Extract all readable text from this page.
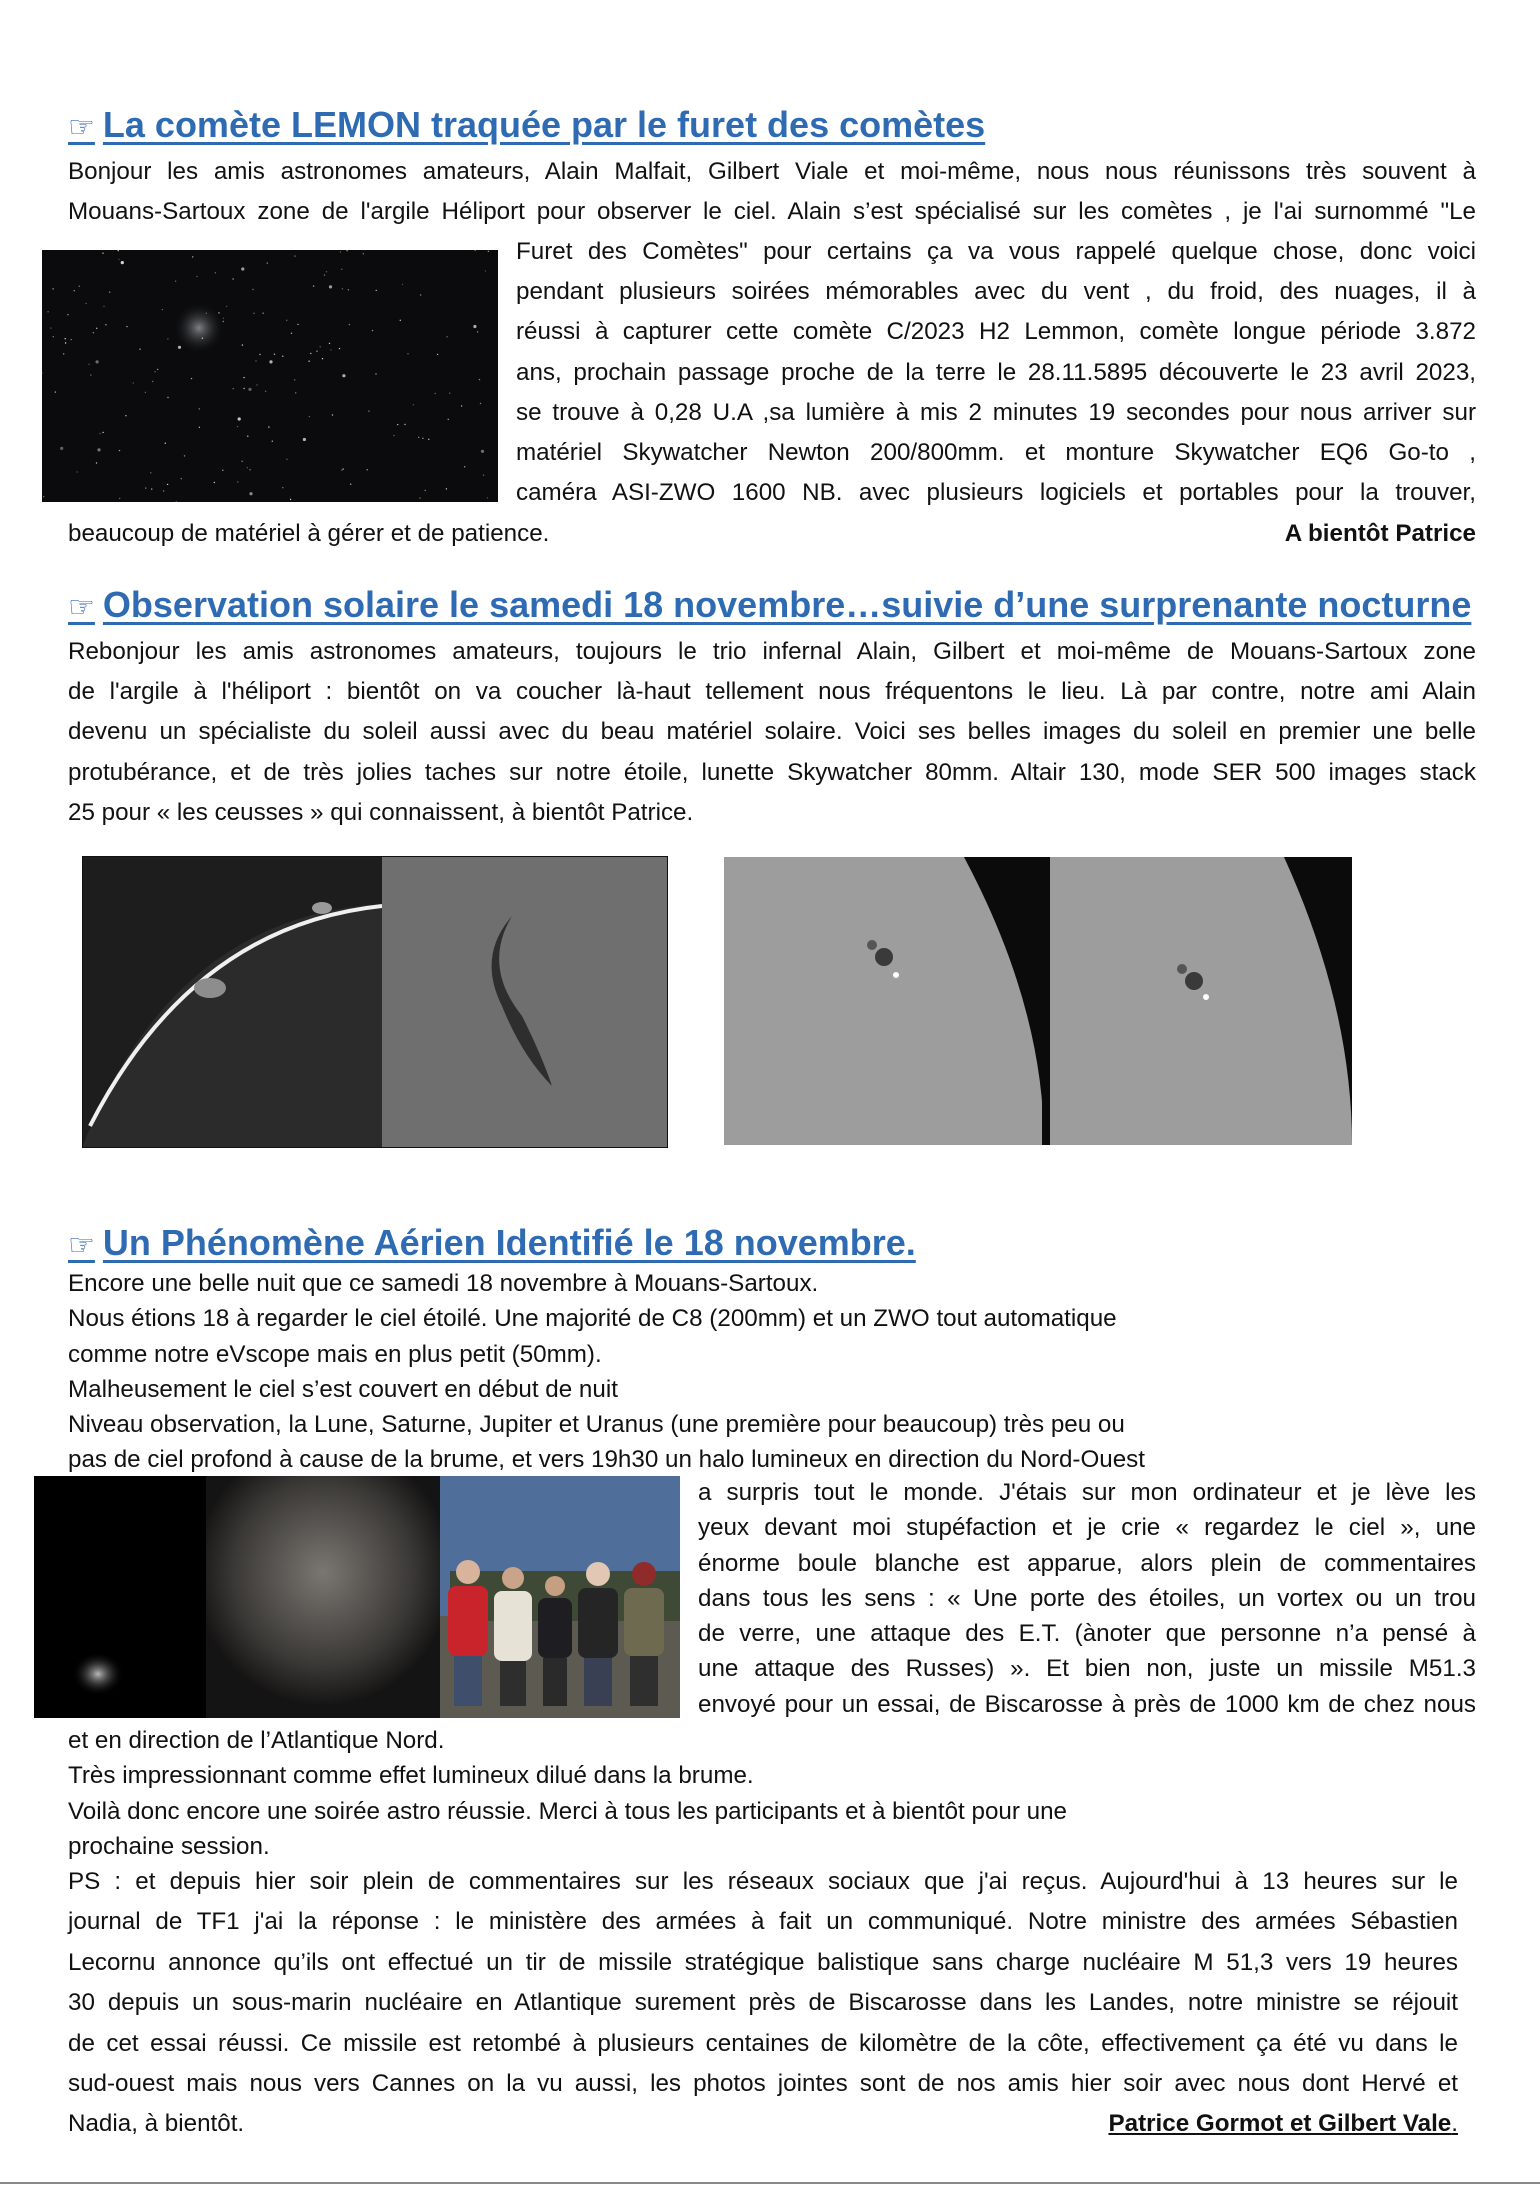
☞ La comète LEMON traquée par le furet des comètes

Bonjour les amis astronomes amateurs, Alain Malfait, Gilbert Viale et moi-même, nous nous réunissons très souvent à

Mouans-Sartoux zone de l'argile Héliport pour observer le ciel. Alain s’est spécialisé sur les comètes , je l'ai surnommé "Le

Furet des Comètes" pour certains ça va vous rappelé quelque chose, donc voici

pendant plusieurs soirées mémorables avec du vent , du froid, des nuages, il à

réussi à capturer cette comète C/2023 H2 Lemmon, comète longue période 3.872

ans, prochain passage proche de la terre le 28.11.5895 découverte le 23 avril 2023,

se trouve à 0,28 U.A ,sa lumière à mis 2 minutes 19 secondes pour nous arriver sur

matériel Skywatcher Newton 200/800mm. et monture Skywatcher EQ6 Go-to ,

caméra ASI-ZWO 1600 NB. avec plusieurs logiciels et portables pour la trouver,

beaucoup de matériel à gérer et de patience.	A bientôt Patrice
☞ Observation solaire le samedi 18 novembre…suivie d’une surprenante nocturne

Rebonjour les amis astronomes amateurs, toujours le trio infernal Alain, Gilbert et moi-même de Mouans-Sartoux zone

de l'argile à l'héliport : bientôt on va coucher là-haut tellement nous fréquentons le lieu. Là par contre, notre ami Alain

devenu un spécialiste du soleil aussi avec du beau matériel solaire. Voici ses belles images du soleil en premier une belle

protubérance, et de très jolies taches sur notre étoile, lunette Skywatcher 80mm. Altair 130, mode SER 500 images stack

25 pour « les ceusses » qui connaissent, à bientôt Patrice.

☞ Un Phénomène Aérien Identifié le 18 novembre.

Encore une belle nuit que ce samedi 18 novembre à Mouans-Sartoux.

Nous étions 18 à regarder le ciel étoilé. Une majorité de C8 (200mm) et un ZWO tout automatique

comme notre eVscope mais en plus petit (50mm).

Malheusement le ciel s’est couvert en début de nuit

Niveau observation, la Lune, Saturne, Jupiter et Uranus (une première pour beaucoup) très peu ou

pas de ciel profond à cause de la brume, et vers 19h30 un halo lumineux en direction du Nord-Ouest

a surpris tout le monde. J'étais sur mon ordinateur et je lève les

yeux devant moi stupéfaction et je crie « regardez le ciel », une

énorme boule blanche est apparue, alors plein de commentaires

dans tous les sens : « Une porte des étoiles, un vortex ou un trou

de verre, une attaque des E.T. (ànoter que personne n’a pensé à

une attaque des Russes) ». Et bien non, juste un missile M51.3

envoyé pour un essai, de Biscarosse à près de 1000 km de chez nous

et en direction de l’Atlantique Nord.

Très impressionnant comme effet lumineux dilué dans la brume.

Voilà donc encore une soirée astro réussie. Merci à tous les participants et à bientôt pour une

prochaine session.

PS : et depuis hier soir plein de commentaires sur les réseaux sociaux que j'ai reçus. Aujourd'hui à 13 heures sur le

journal de TF1 j'ai la réponse : le ministère des armées à fait un communiqué. Notre ministre des armées Sébastien

Lecornu annonce qu’ils ont effectué un tir de missile stratégique balistique sans charge nucléaire M 51,3 vers 19 heures

30 depuis un sous-marin nucléaire en Atlantique surement près de Biscarosse dans les Landes, notre ministre se réjouit

de cet essai réussi. Ce missile est retombé à plusieurs centaines de kilomètre de la côte, effectivement ça été vu dans le

sud-ouest mais nous vers Cannes on la vu aussi, les photos jointes sont de nos amis hier soir avec nous dont Hervé et

Nadia, à bientôt.	Patrice Gormot et Gilbert Vale.
